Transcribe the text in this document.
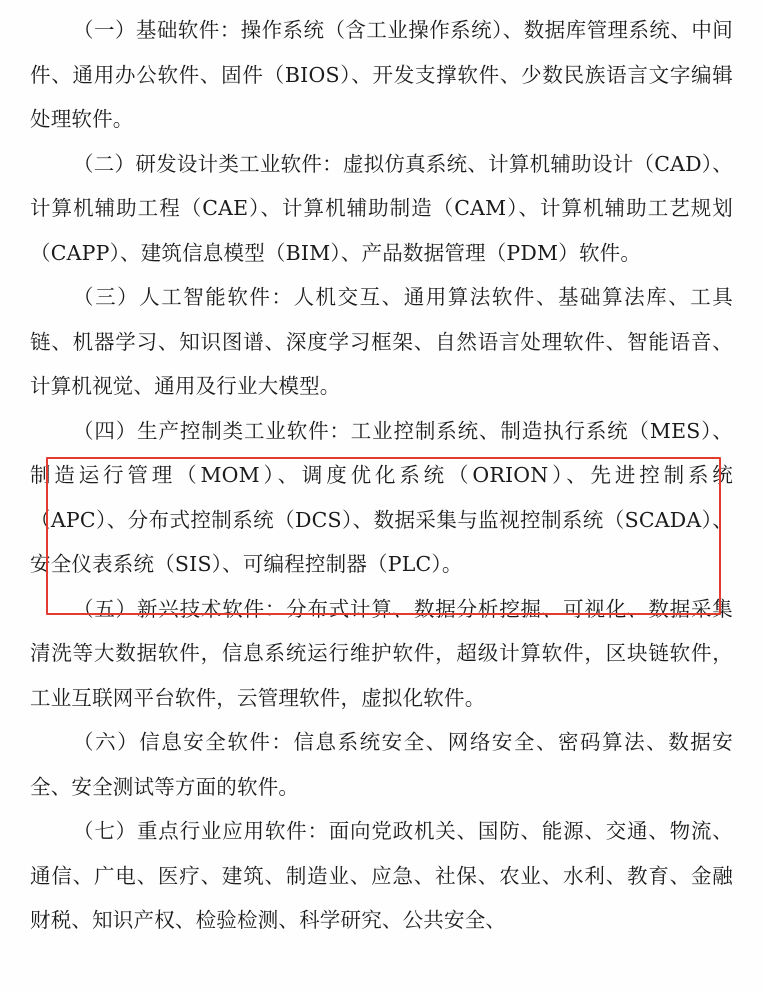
（一）基础软件：操作系统（含工业操作系统）、数据库管理系统、中间件、通用办公软件、固件（BIOS）、开发支撑软件、少数民族语言文字编辑处理软件。

（二）研发设计类工业软件：虚拟仿真系统、计算机辅助设计（CAD）、计算机辅助工程（CAE）、计算机辅助制造（CAM）、计算机辅助工艺规划（CAPP）、建筑信息模型（BIM）、产品数据管理（PDM）软件。

（三）人工智能软件：人机交互、通用算法软件、基础算法库、工具链、机器学习、知识图谱、深度学习框架、自然语言处理软件、智能语音、计算机视觉、通用及行业大模型。

（四）生产控制类工业软件：工业控制系统、制造执行系统（MES）、制造运行管理（MOM）、调度优化系统（ORION）、先进控制系统（APC）、分布式控制系统（DCS）、数据采集与监视控制系统（SCADA）、安全仪表系统（SIS）、可编程控制器（PLC）。

（五）新兴技术软件：分布式计算、数据分析挖掘、可视化、数据采集清洗等大数据软件，信息系统运行维护软件，超级计算软件，区块链软件，工业互联网平台软件，云管理软件，虚拟化软件。

（六）信息安全软件：信息系统安全、网络安全、密码算法、数据安全、安全测试等方面的软件。

（七）重点行业应用软件：面向党政机关、国防、能源、交通、物流、通信、广电、医疗、建筑、制造业、应急、社保、农业、水利、教育、金融财税、知识产权、检验检测、科学研究、公共安全、
